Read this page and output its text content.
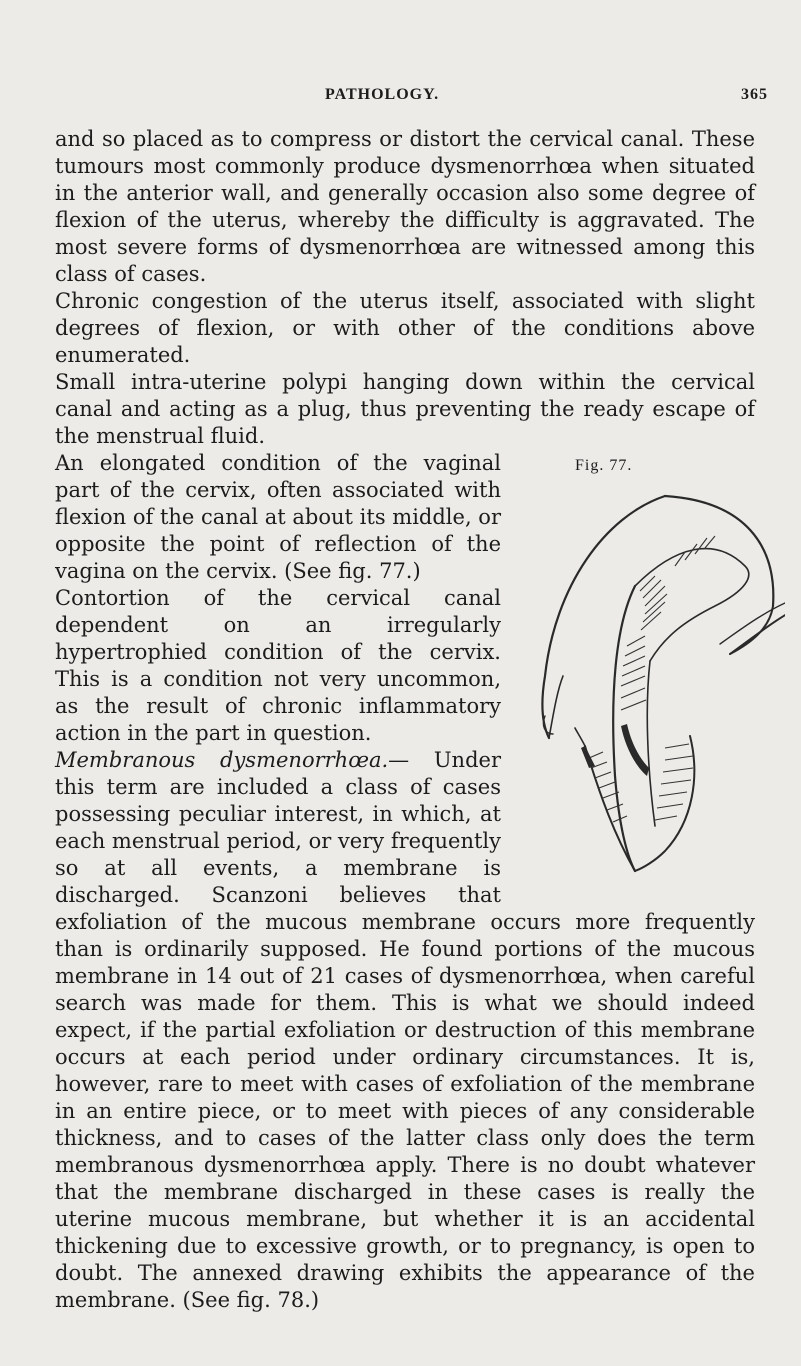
PATHOLOGY.	365

and so placed as to compress or distort the cervical canal. These tumours most commonly produce dysmenorrhœa when situated in the anterior wall, and generally occasion also some degree of flexion of the uterus, whereby the difficulty is aggravated. The most severe forms of dysmenorrhœa are witnessed among this class of cases.

Chronic congestion of the uterus itself, associated with slight degrees of flexion, or with other of the conditions above enumerated.

Small intra-uterine polypi hanging down within the cervical canal and acting as a plug, thus preventing the ready escape of the menstrual fluid.

Fig. 77.

An elongated condition of the vaginal part of the cervix, often associated with flexion of the canal at about its middle, or opposite the point of reflection of the vagina on the cervix. (See fig. 77.)

Contortion of the cervical canal dependent on an irregularly hypertrophied condition of the cervix. This is a condition not very uncommon, as the result of chronic inflammatory action in the part in question.

Membranous dysmenorrhœa.— Under this term are included a class of cases possessing peculiar interest, in which, at each menstrual period, or very frequently so at all events, a membrane is discharged. Scanzoni believes that exfoliation of the mucous membrane occurs more frequently than is ordinarily supposed. He found portions of the mucous membrane in 14 out of 21 cases of dysmenorrhœa, when careful search was made for them. This is what we should indeed expect, if the partial exfoliation or destruction of this membrane occurs at each period under ordinary circumstances. It is, however, rare to meet with cases of exfoliation of the membrane in an entire piece, or to meet with pieces of any considerable thickness, and to cases of the latter class only does the term membranous dysmenorrhœa apply. There is no doubt whatever that the membrane discharged in these cases is really the uterine mucous membrane, but whether it is an accidental thickening due to excessive growth, or to pregnancy, is open to doubt. The annexed drawing exhibits the appearance of the membrane. (See fig. 78.)
